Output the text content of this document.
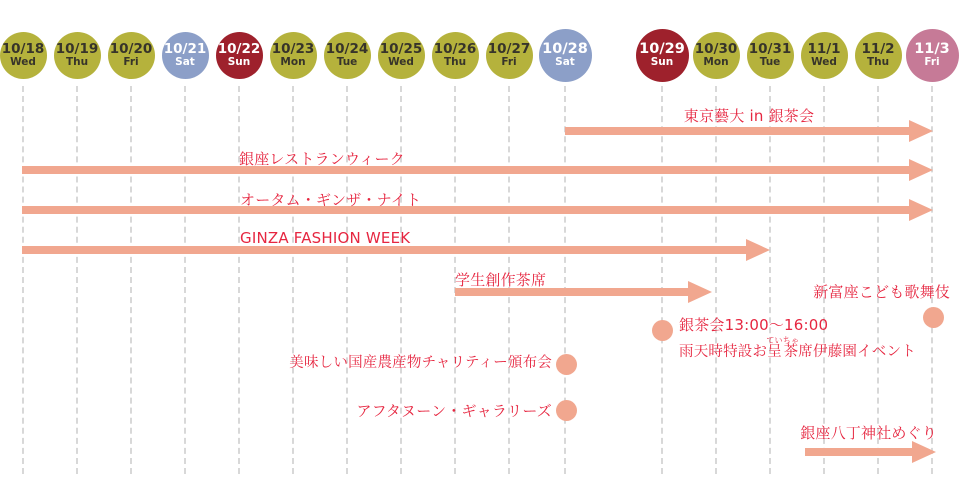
10/18
Wed
10/19
Thu
10/20
Fri
10/21
Sat
10/22
Sun
10/23
Mon
10/24
Tue
10/25
Wed
10/26
Thu
10/27
Fri
10/28
Sat
10/29
Sun
10/30
Mon
10/31
Tue
11/1
Wed
11/2
Thu
11/3
Fri
東京藝大 in 銀茶会
銀座レストランウィーク
オータム・ギンザ・ナイト
GINZA FASHION WEEK
学生創作茶席
新富座こども歌舞伎
銀茶会13:00〜16:00
雨天時特設お呈てい茶ちゃ席伊藤園イベント
美味しい国産農産物チャリティー頒布会
アフタヌーン・ギャラリーズ
銀座八丁神社めぐり
